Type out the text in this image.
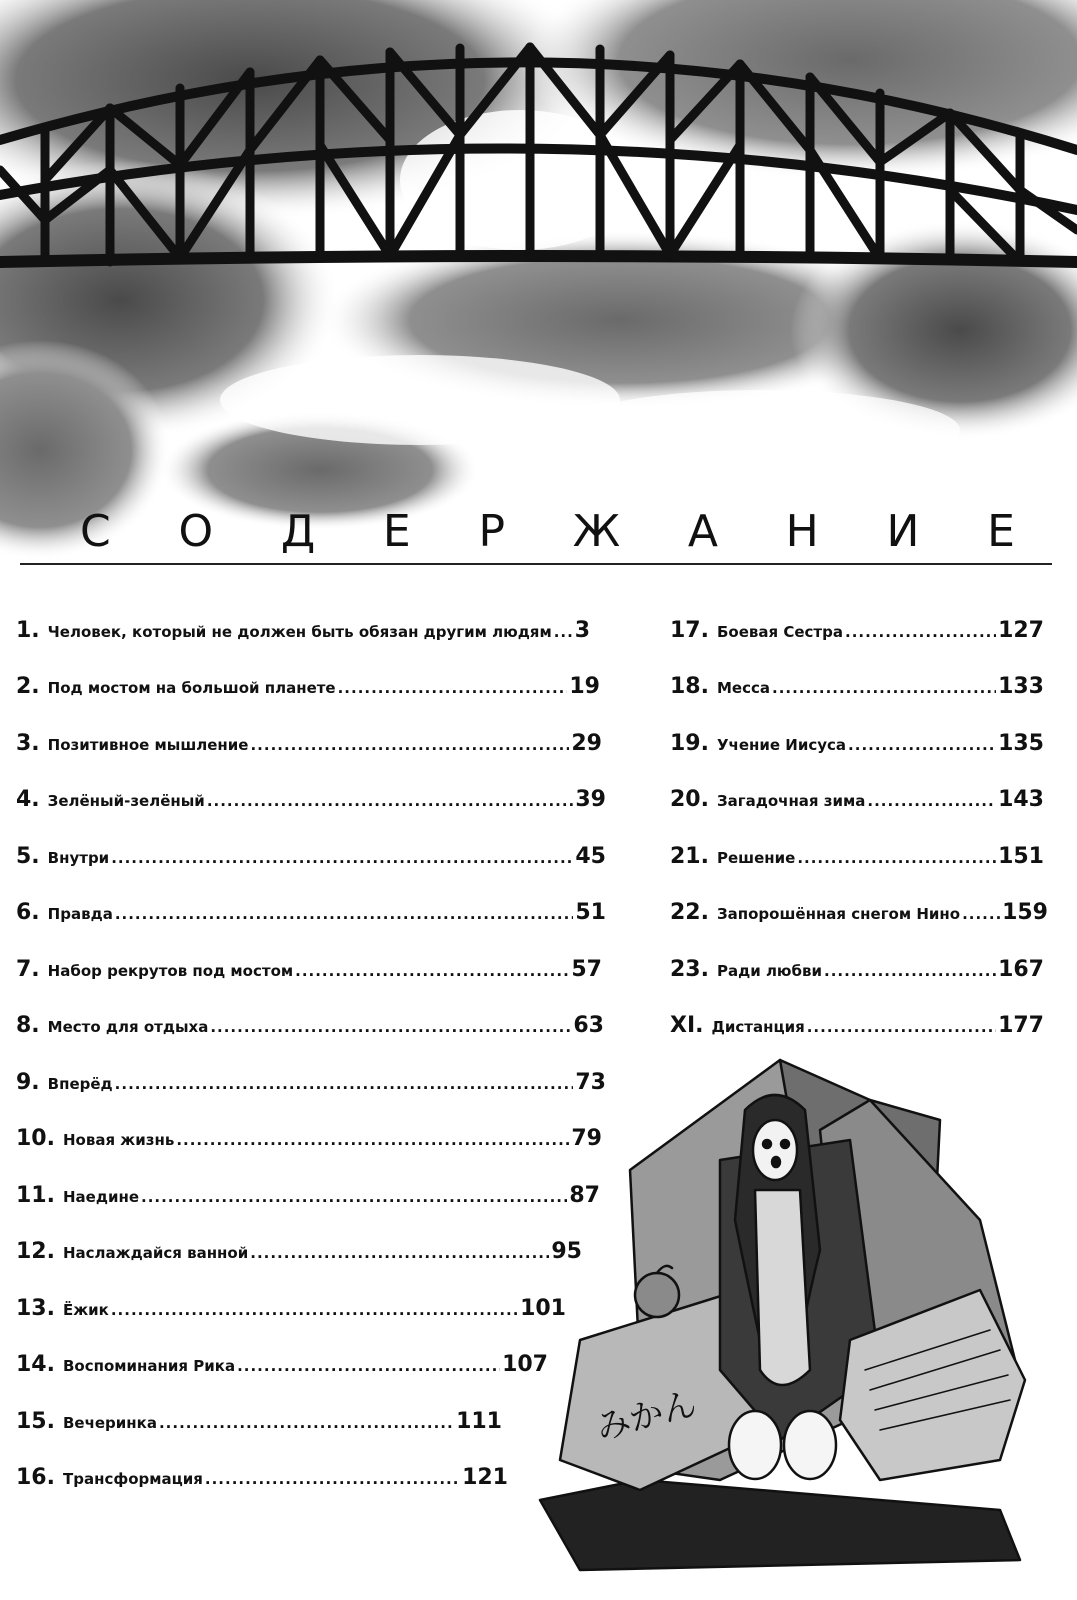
С О Д Е Р Ж А Н И Е
1. Человек, который не должен быть обязан другим людям ..... 3
2. Под мостом на большой планете .....	19
3. Позитивное мышление .....	29
4. Зелёный-зелёный .....	39
5. Внутри .....	45
6. Правда .....	51
7. Набор рекрутов под мостом .....	57
8. Место для отдыха .....	63
9. Вперёд .....	73
10. Новая жизнь .....	79
11. Наедине .....	87
12. Наслаждайся ванной .....	95
13. Ёжик .....	101
14. Воспоминания Рика .....	107
15. Вечеринка .....	111
16. Трансформация .....	121
17. Боевая Сестра .....	127
18. Месса .....	133
19. Учение Иисуса .....	135
20. Загадочная зима .....	143
21. Решение .....	151
22. Запорошённая снегом Нино ..... 159
23. Ради любви .....	167
XI. Дистанция .....	177
みかん
